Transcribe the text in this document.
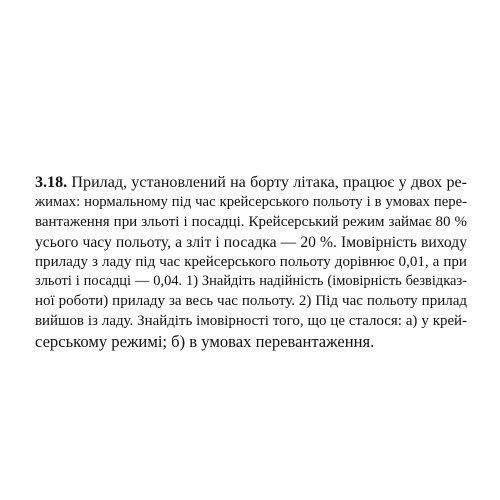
3.18. Прилад, установлений на борту літака, працює у двох ре-
жимах: нормальному під час крейсерського польоту і в умовах пере-
вантаження при зльоті і посадці. Крейсерський режим займає 80 %
усього часу польоту, а зліт і посадка — 20 %. Імовірність виходу
приладу з ладу під час крейсерського польоту дорівнює 0,01, а при
зльоті і посадці — 0,04. 1) Знайдіть надійність (імовірність безвідказ-
ної роботи) приладу за весь час польоту. 2) Під час польоту прилад
вийшов із ладу. Знайдіть імовірності того, що це сталося: а) у крей-
серському режимі; б) в умовах перевантаження.
